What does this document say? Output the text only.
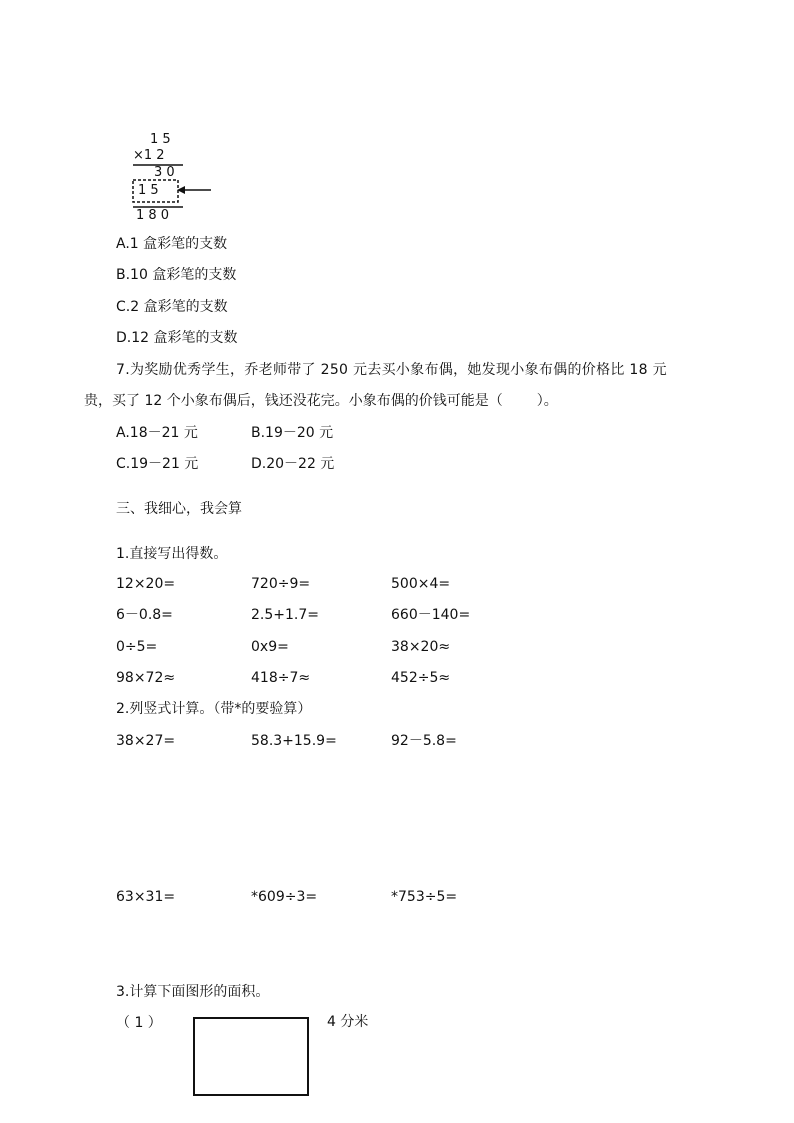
1 5
×1 2
3 0
1 5
1 8 0
A.1 盒彩笔的支数
B.10 盒彩笔的支数
C.2 盒彩笔的支数
D.12 盒彩笔的支数
7.为奖励优秀学生，乔老师带了 250 元去买小象布偶，她发现小象布偶的价格比 18 元
贵，买了 12 个小象布偶后，钱还没花完。小象布偶的价钱可能是（ ）。
A.18－21 元	B.19－20 元
C.19－21 元	D.20－22 元
三、我细心，我会算
1.直接写出得数。
12×20=	720÷9=	500×4=
6－0.8=	2.5+1.7=	660－140=
0÷5=	0x9=	38×20≈
98×72≈	418÷7≈	452÷5≈
2.列竖式计算。（带*的要验算）
38×27=	58.3+15.9=	92－5.8=
63×31=	*609÷3=	*753÷5=
3.计算下面图形的面积。
（ 1 ）	4 分米
